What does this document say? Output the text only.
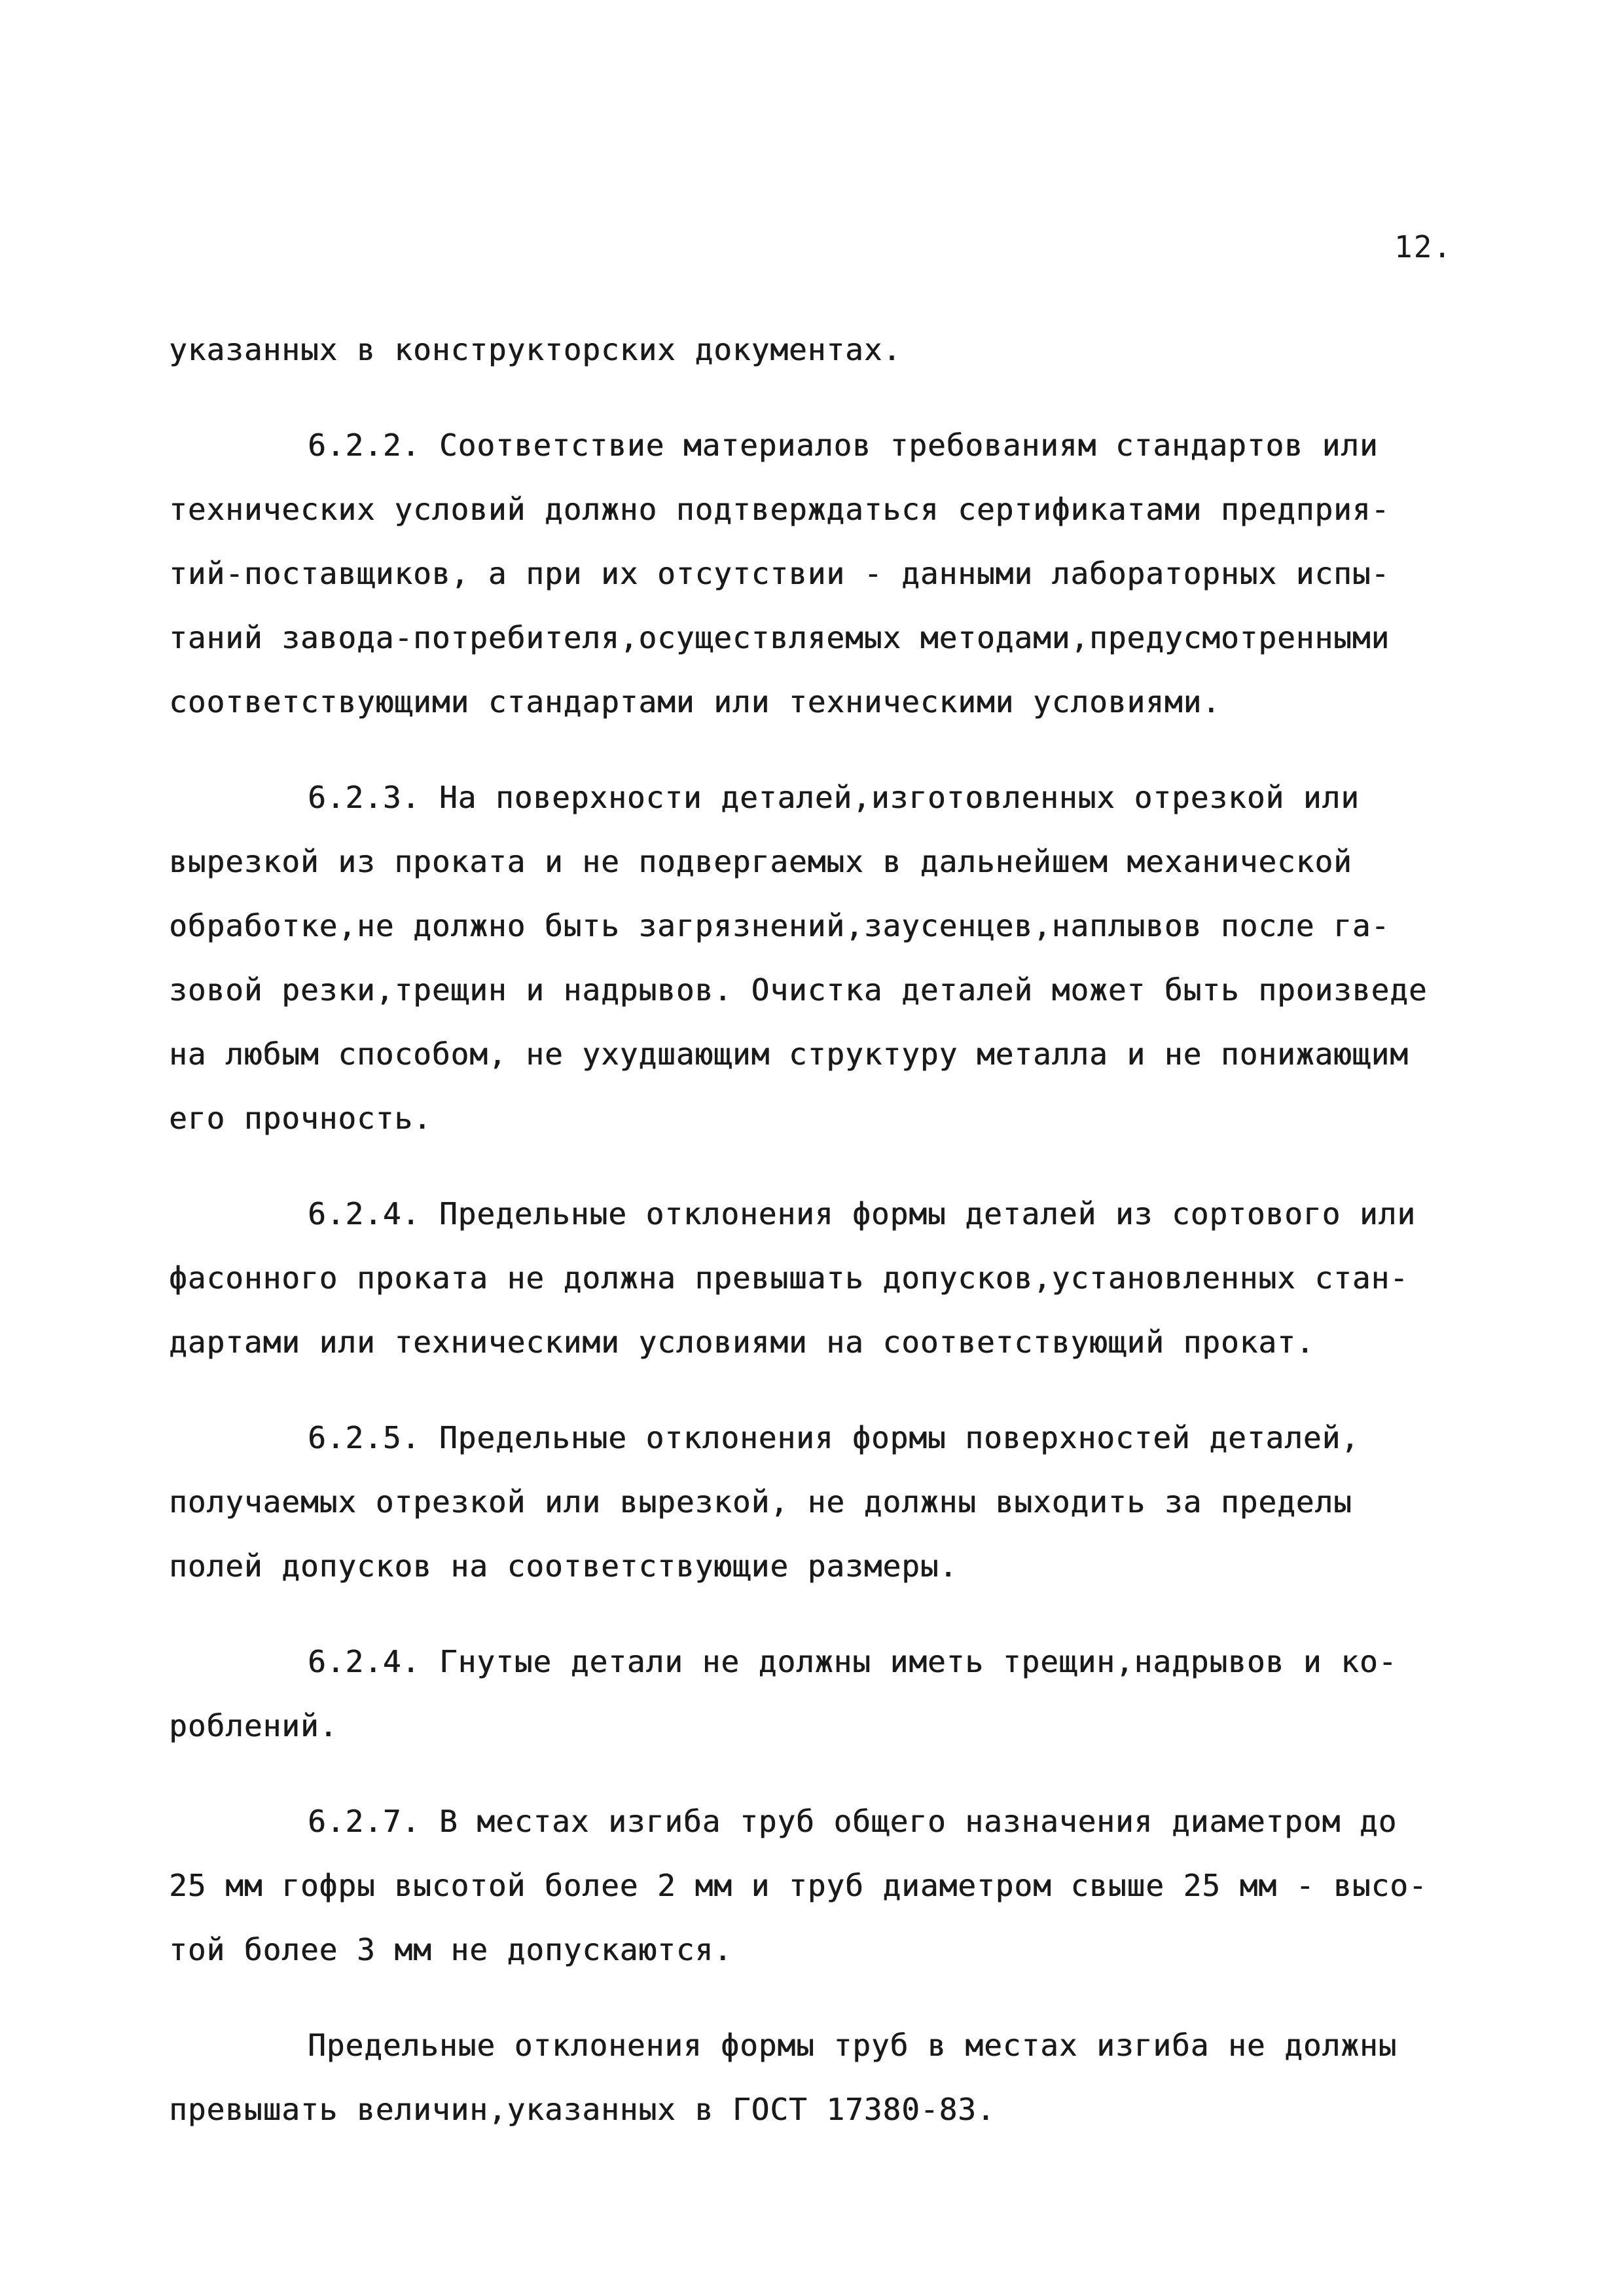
12.
указанных в конструкторских документах.
6.2.2. Соответствие материалов требованиям стандартов или
технических условий должно подтверждаться сертификатами предприя-
тий-поставщиков, а при их отсутствии - данными лабораторных испы-
таний завода-потребителя,осуществляемых методами,предусмотренными
соответствующими стандартами или техническими условиями.
6.2.3. На поверхности деталей,изготовленных отрезкой или
вырезкой из проката и не подвергаемых в дальнейшем механической
обработке,не должно быть загрязнений,заусенцев,наплывов после га-
зовой резки,трещин и надрывов. Очистка деталей может быть произведе
на любым способом, не ухудшающим структуру металла и не понижающим
его прочность.
6.2.4. Предельные отклонения формы деталей из сортового или
фасонного проката не должна превышать допусков,установленных стан-
дартами или техническими условиями на соответствующий прокат.
6.2.5. Предельные отклонения формы поверхностей деталей,
получаемых отрезкой или вырезкой, не должны выходить за пределы
полей допусков на соответствующие размеры.
6.2.4. Гнутые детали не должны иметь трещин,надрывов и ко-
роблений.
6.2.7. В местах изгиба труб общего назначения диаметром до
25 мм гофры высотой более 2 мм и труб диаметром свыше 25 мм - высо-
той более 3 мм не допускаются.
Предельные отклонения формы труб в местах изгиба не должны
превышать величин,указанных в ГОСТ 17380-83.
